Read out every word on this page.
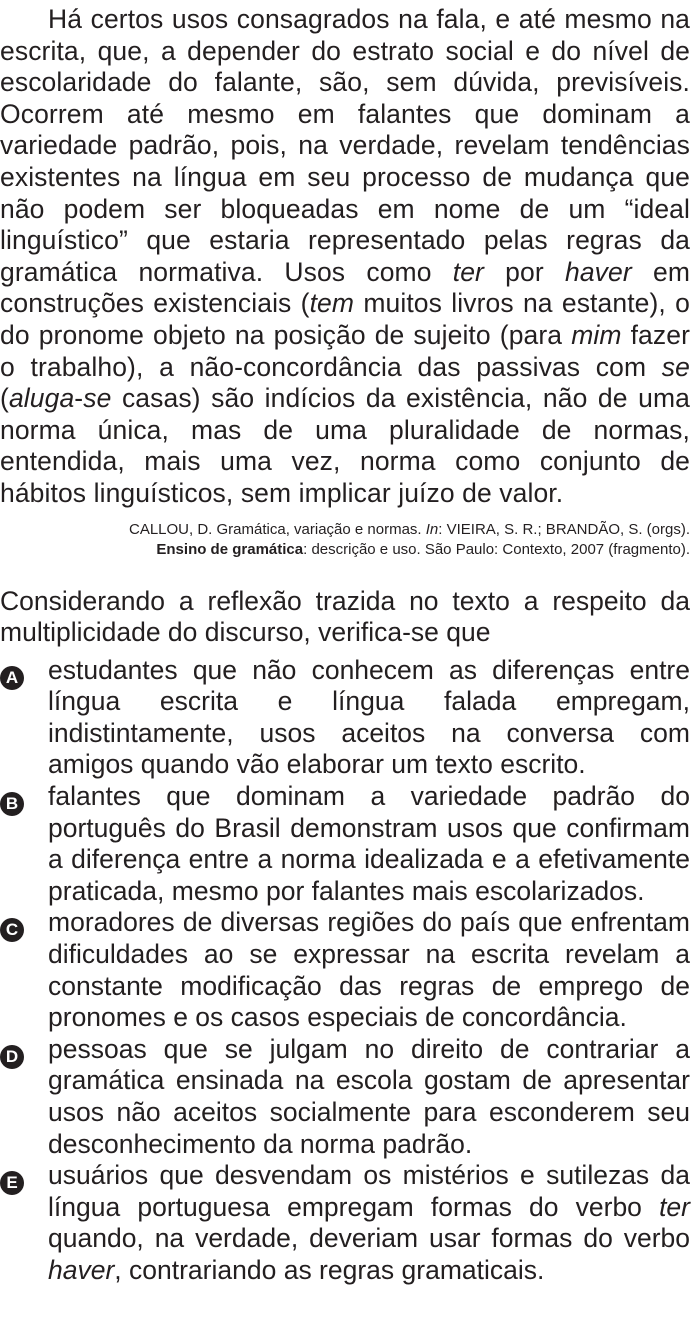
Há certos usos consagrados na fala, e até mesmo na escrita, que, a depender do estrato social e do nível de escolaridade do falante, são, sem dúvida, previsíveis. Ocorrem até mesmo em falantes que dominam a variedade padrão, pois, na verdade, revelam tendências existentes na língua em seu processo de mudança que não podem ser bloqueadas em nome de um “ideal linguístico” que estaria representado pelas regras da gramática normativa. Usos como ter por haver em construções existenciais (tem muitos livros na estante), o do pronome objeto na posição de sujeito (para mim fazer o trabalho), a não-concordância das passivas com se (aluga-se casas) são indícios da existência, não de uma norma única, mas de uma pluralidade de normas, entendida, mais uma vez, norma como conjunto de hábitos linguísticos, sem implicar juízo de valor.

CALLOU, D. Gramática, variação e normas. In: VIEIRA, S. R.; BRANDÃO, S. (orgs).
Ensino de gramática: descrição e uso. São Paulo: Contexto, 2007 (fragmento).
Considerando a reflexão trazida no texto a respeito da multiplicidade do discurso, verifica-se que
A	estudantes que não conhecem as diferenças entre língua escrita e língua falada empregam, indistintamente, usos aceitos na conversa com amigos quando vão elaborar um texto escrito.
B	falantes que dominam a variedade padrão do português do Brasil demonstram usos que confirmam a diferença entre a norma idealizada e a efetivamente praticada, mesmo por falantes mais escolarizados.
C	moradores de diversas regiões do país que enfrentam dificuldades ao se expressar na escrita revelam a constante modificação das regras de emprego de pronomes e os casos especiais de concordância.
D	pessoas que se julgam no direito de contrariar a gramática ensinada na escola gostam de apresentar usos não aceitos socialmente para esconderem seu desconhecimento da norma padrão.
E	usuários que desvendam os mistérios e sutilezas da língua portuguesa empregam formas do verbo ter quando, na verdade, deveriam usar formas do verbo haver, contrariando as regras gramaticais.
